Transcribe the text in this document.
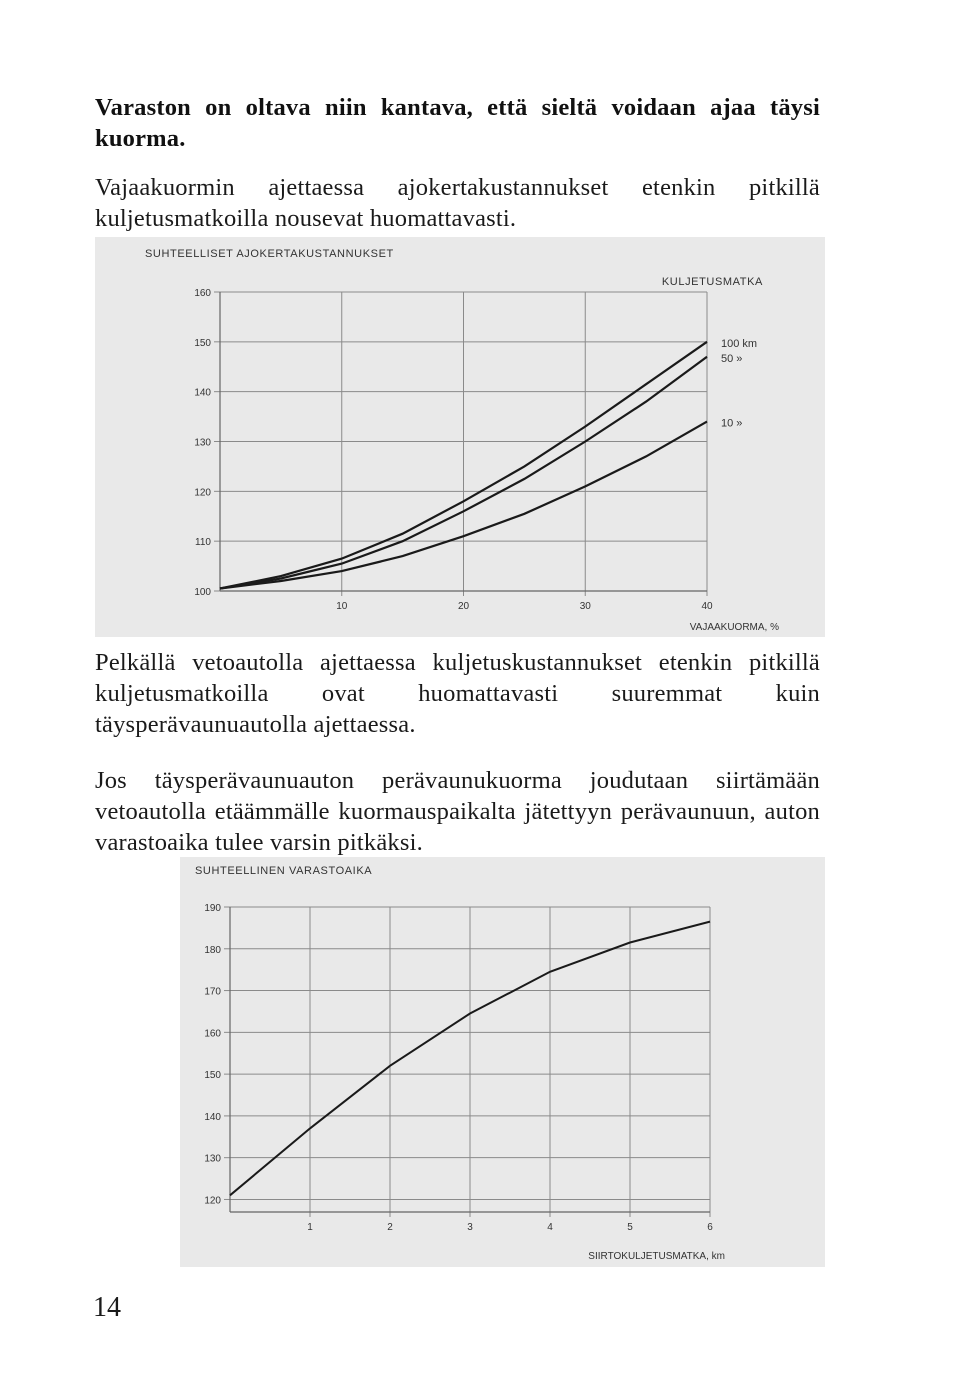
Varaston on oltava niin kantava, että sieltä voidaan ajaa täysi kuorma.
Vajaakuormin ajettaessa ajokertakustannukset etenkin pitkillä kuljetusmatkoilla nousevat huomattavasti.
SUHTEELLISET AJOKERTAKUSTANNUKSET
100
110
120
130
140
150
160
10	20	30	40
100 km
50 »
10 »
VAJAAKUORMA, %
KULJETUSMATKA
Pelkällä vetoautolla ajettaessa kuljetuskustannukset etenkin pitkillä kuljetusmatkoilla ovat huomattavasti suuremmat kuin täysperävaunuautolla ajettaessa.
Jos täysperävaunuauton perävaunukuorma joudutaan siirtämään vetoautolla etäämmälle kuormauspaikalta jätettyyn perävaunuun, auton varastoaika tulee varsin pitkäksi.
SUHTEELLINEN VARASTOAIKA
120
130
140
150
160
170
180
190
1	2	3	4	5	6
SIIRTOKULJETUSMATKA, km
14
